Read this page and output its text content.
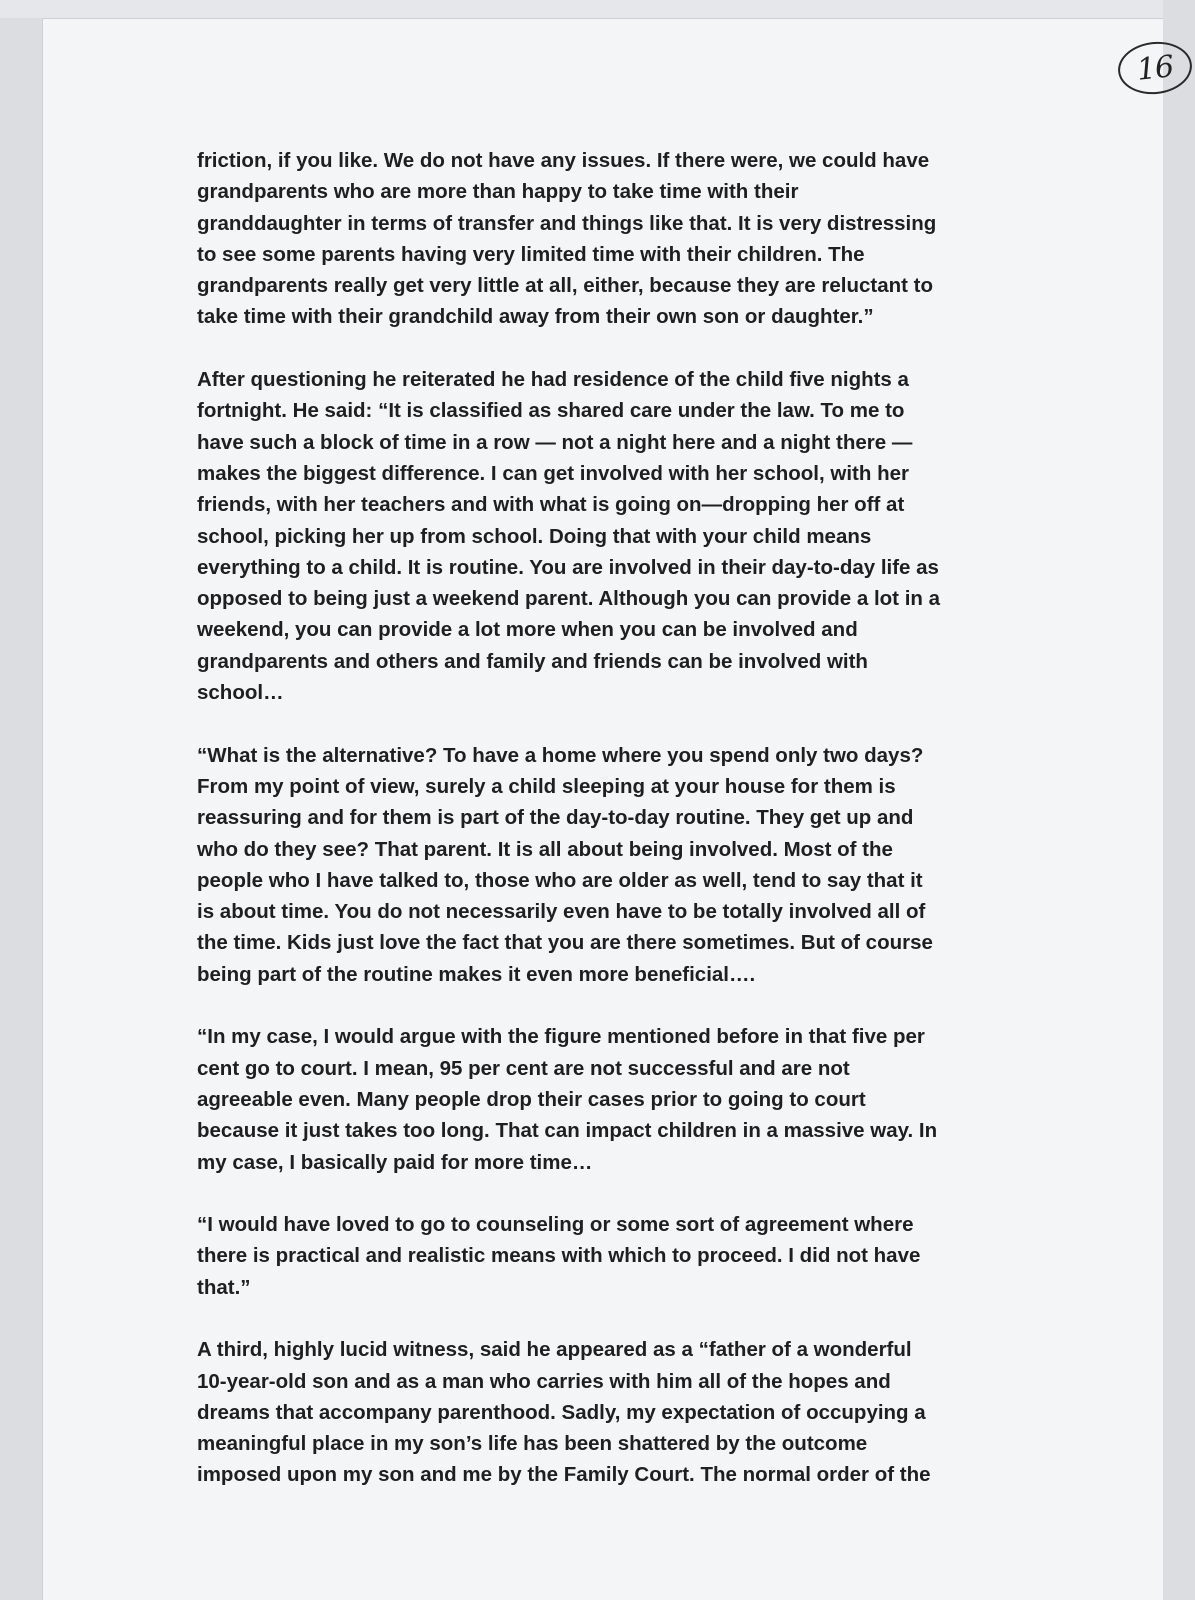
16
friction, if you like. We do not have any issues. If there were, we could have
grandparents who are more than happy to take time with their
granddaughter in terms of transfer and things like that. It is very distressing
to see some parents having very limited time with their children. The
grandparents really get very little at all, either, because they are reluctant to
take time with their grandchild away from their own son or daughter.”
After questioning he reiterated he had residence of the child five nights a
fortnight. He said: “It is classified as shared care under the law. To me to
have such a block of time in a row — not a night here and a night there —
makes the biggest difference. I can get involved with her school, with her
friends, with her teachers and with what is going on—dropping her off at
school, picking her up from school. Doing that with your child means
everything to a child. It is routine. You are involved in their day-to-day life as
opposed to being just a weekend parent. Although you can provide a lot in a
weekend, you can provide a lot more when you can be involved and
grandparents and others and family and friends can be involved with
school…
“What is the alternative? To have a home where you spend only two days?
From my point of view, surely a child sleeping at your house for them is
reassuring and for them is part of the day-to-day routine. They get up and
who do they see? That parent. It is all about being involved. Most of the
people who I have talked to, those who are older as well, tend to say that it
is about time. You do not necessarily even have to be totally involved all of
the time. Kids just love the fact that you are there sometimes. But of course
being part of the routine makes it even more beneficial….
“In my case, I would argue with the figure mentioned before in that five per
cent go to court. I mean, 95 per cent are not successful and are not
agreeable even. Many people drop their cases prior to going to court
because it just takes too long. That can impact children in a massive way. In
my case, I basically paid for more time…
“I would have loved to go to counseling or some sort of agreement where
there is practical and realistic means with which to proceed. I did not have
that.”
A third, highly lucid witness, said he appeared as a “father of a wonderful
10-year-old son and as a man who carries with him all of the hopes and
dreams that accompany parenthood. Sadly, my expectation of occupying a
meaningful place in my son’s life has been shattered by the outcome
imposed upon my son and me by the Family Court. The normal order of the
